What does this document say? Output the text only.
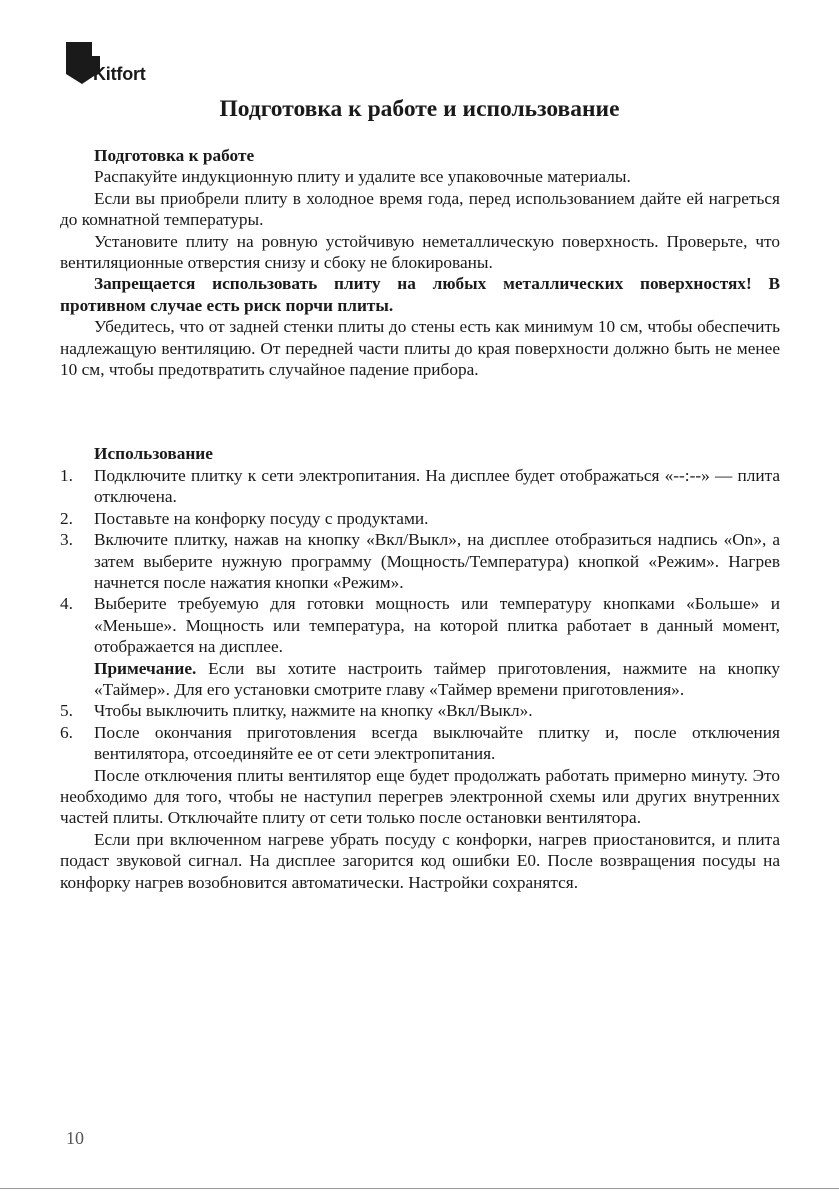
Kitfort
Подготовка к работе и использование
Подготовка к работе

Распакуйте индукционную плиту и удалите все упаковочные материалы.

Если вы приобрели плиту в холодное время года, перед использованием дайте ей нагреться до комнатной температуры.

Установите плиту на ровную устойчивую неметаллическую поверхность. Проверьте, что вентиляционные отверстия снизу и сбоку не блокированы.

Запрещается использовать плиту на любых металлических поверхностях! В противном случае есть риск порчи плиты.

Убедитесь, что от задней стенки плиты до стены есть как минимум 10 см, чтобы обеспечить надлежащую вентиляцию. От передней части плиты до края поверхности должно быть не менее 10 см, чтобы предотвратить случайное падение прибора.

Использование
1. Подключите плитку к сети электропитания. На дисплее будет отображаться «--:--» — плита отключена.
2. Поставьте на конфорку посуду с продуктами.
3. Включите плитку, нажав на кнопку «Вкл/Выкл», на дисплее отобразиться надпись «On», а затем выберите нужную программу (Мощность/Температура) кнопкой «Режим». Нагрев начнется после нажатия кнопки «Режим».
4. Выберите требуемую для готовки мощность или температуру кнопками «Больше» и «Меньше». Мощность или температура, на которой плитка работает в данный момент, отображается на дисплее.

Примечание. Если вы хотите настроить таймер приготовления, нажмите на кнопку «Таймер». Для его установки смотрите главу «Таймер времени приготовления».

5. Чтобы выключить плитку, нажмите на кнопку «Вкл/Выкл».
6. После окончания приготовления всегда выключайте плитку и, после отключения вентилятора, отсоединяйте ее от сети электропитания.

После отключения плиты вентилятор еще будет продолжать работать примерно минуту. Это необходимо для того, чтобы не наступил перегрев электронной схемы или других внутренних частей плиты. Отключайте плиту от сети только после остановки вентилятора.

Если при включенном нагреве убрать посуду с конфорки, нагрев приостановится, и плита подаст звуковой сигнал. На дисплее загорится код ошибки E0. После возвращения посуды на конфорку нагрев возобновится автоматически. Настройки сохранятся.

10
